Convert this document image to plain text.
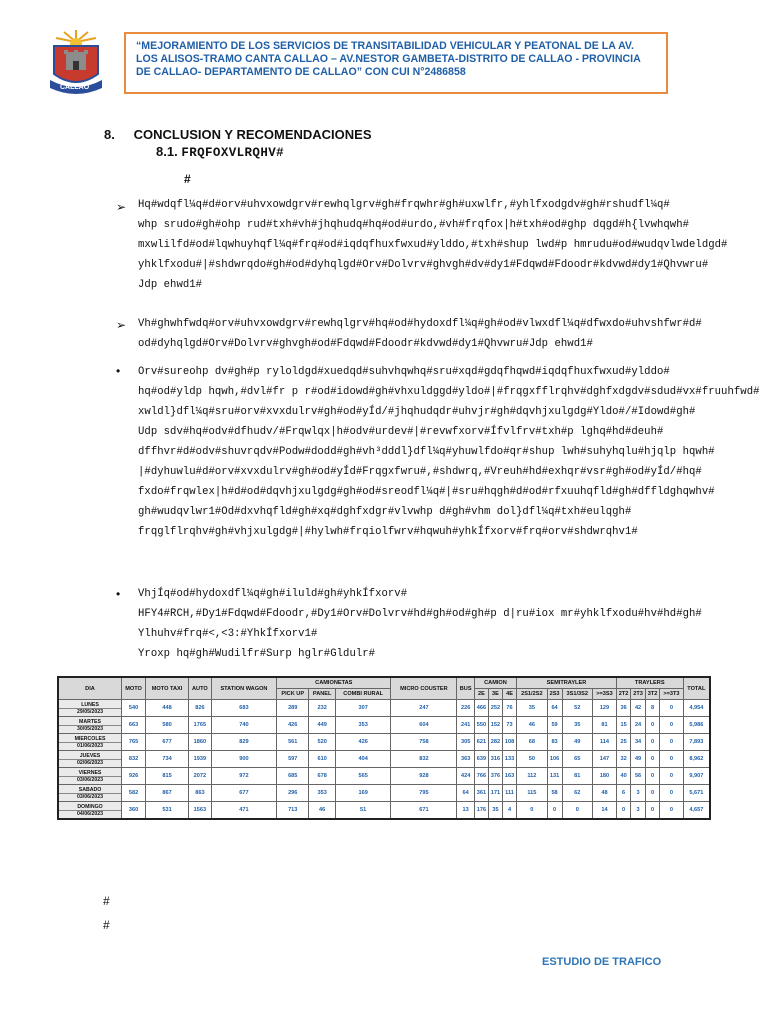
CALLAO
“MEJORAMIENTO DE LOS SERVICIOS DE TRANSITABILIDAD VEHICULAR Y PEATONAL DE LA AV. LOS ALISOS-TRAMO CANTA CALLAO – AV.NESTOR GAMBETA-DISTRITO DE CALLAO - PROVINCIA DE CALLAO- DEPARTAMENTO DE CALLAO” CON CUI N°2486858
8. CONCLUSION Y RECOMENDACIONES
8.1. FRQFOXVLRQHV#
#
➢ Hq#wdqfl¼q#d#orv#uhvxowdgrv#rewhqlgrv#gh#frqwhr#gh#uxwlfr,#yhlfxodgdv#gh#rshudfl¼q#
whp srudo#gh#ohp rud#txh#vh#jhqhudq#hq#od#urdo,#vh#frqfox|h#txh#od#ghp dqgd#h{lvwhqwh#
mxwlilfd#od#lqwhuyhqfl¼q#frq#od#iqdqfhuxfwxud#ylddo,#txh#shup lwd#p hmrudu#od#wudqvlwdeldgd#
yhklfxodu#|#shdwrqdo#gh#od#dyhqlgd#Orv#Dolvrv#ghvgh#dv#dy1#Fdqwd#Fdoodr#kdvwd#dy1#Qhvwru#
Jdp ehwd1#
➢ Vh#ghwhfwdq#orv#uhvxowdgrv#rewhqlgrv#hq#od#hydoxdfl¼q#gh#od#vlwxdfl¼q#dfwxdo#uhvshfwr#d#
od#dyhqlgd#Orv#Dolvrv#ghvgh#od#Fdqwd#Fdoodr#kdvwd#dy1#Qhvwru#Jdp ehwd1#
• Orv#sureohp dv#gh#p ryloldgd#xuedqd#suhvhqwhq#sru#xqd#gdqfhqwd#iqdqfhuxfwxud#ylddo#
hq#od#yldp hqwh,#dvl#fr p r#od#idowd#gh#vhxuldggd#yldo#|#frqgxfflrqhv#dghfxdgdv#sdud#vx#fruuhfwd#
xwldl}dfl¼q#sru#orv#xvxdulrv#gh#od#yÍd/#jhqhudqdr#uhvjr#gh#dqvhjxulgdg#Yldo#/#Idowd#gh#
Udp sdv#hq#odv#dfhudv/#Frqwlqx|h#odv#urdev#|#revwfxorv#Ífvlfrv#txh#p lghq#hd#deuh#
dffhvr#d#odv#shuvrqdv#Podw#dodd#gh#vh³dddl}dfl¼q#yhuwlfdo#qr#shup lwh#suhyhqlu#hjqlp hqwh#
|#dyhuwlu#d#orv#xvxdulrv#gh#od#yÍd#Frqgxfwru#,#shdwrq,#Vreuh#hd#exhqr#vsr#gh#od#yÍd/#hq#
fxdo#frqwlex|h#d#od#dqvhjxulgdg#gh#od#sreodfl¼q#|#sru#hqgh#d#od#rfxuuhqfld#gh#dffldghqwhv#
gh#wudqvlwr1#Od#dxvhqfld#gh#xq#dghfxdgr#vlvwhp d#gh#vhm dol}dfl¼q#txh#eulqgh#
frqglflrqhv#gh#vhjxulgdg#|#hylwh#frqiolfwrv#hqwuh#yhkÍfxorv#frq#orv#shdwrqhv1#
• VhjÍq#od#hydoxdfl¼q#gh#iluld#gh#yhkÍfxorv#
HFY4#RCH,#Dy1#Fdqwd#Fdoodr,#Dy1#Orv#Dolvrv#hd#gh#od#gh#p d|ru#iox mr#yhklfxodu#hv#hd#gh#
Ylhuhv#frq#<,<3:#YhkÍfxorv1#
Yroxp hq#gh#Wudilfr#Surp hglr#Gldulr#
DIA	MOTO	MOTO TAXI	AUTO	STATION WAGON	CAMIONETAS			MICRO COUSTER	BUS	CAMION			SEMITRAYLER				TRAYLERS				TOTAL
					PICK UP	PANEL	COMBI RURAL			2E	3E	4E	2S1/2S2	2S3	3S1/3S2	>=3S3	2T2	2T3	3T2	>=3T3	

LUNES
29/05/2023	540	448	826	683	289	232	307	247	226	466	252	76	35	64	52	129	36	42	8	0	4,954

MARTES
30/05/2023	663	580	1765	740	426	449	353	604	241	550	152	73	46	59	35	81	15	24	0	0	5,986

MIERCOLES
01/06/2023	765	677	1860	829	561	520	426	758	305	621	282	108	68	83	49	114	25	34	0	0	7,893

JUEVES
02/06/2023	832	734	1939	900	597	610	404	832	363	639	316	133	50	106	65	147	32	49	0	0	8,962

VIERNES
03/06/2023	926	815	2072	972	685	678	565	928	424	766	376	163	112	131	81	180	40	56	0	0	9,907

SABADO
03/06/2023	582	867	863	677	296	353	169	795	64	361	171	111	115	58	62	48	6	3	0	0	5,671

DOMINGO
04/06/2023	360	531	1563	471	713	46	51	671	13	176	35	4	0	0	0	14	0	3	0	0	4,657
#
#
ESTUDIO DE TRAFICO
